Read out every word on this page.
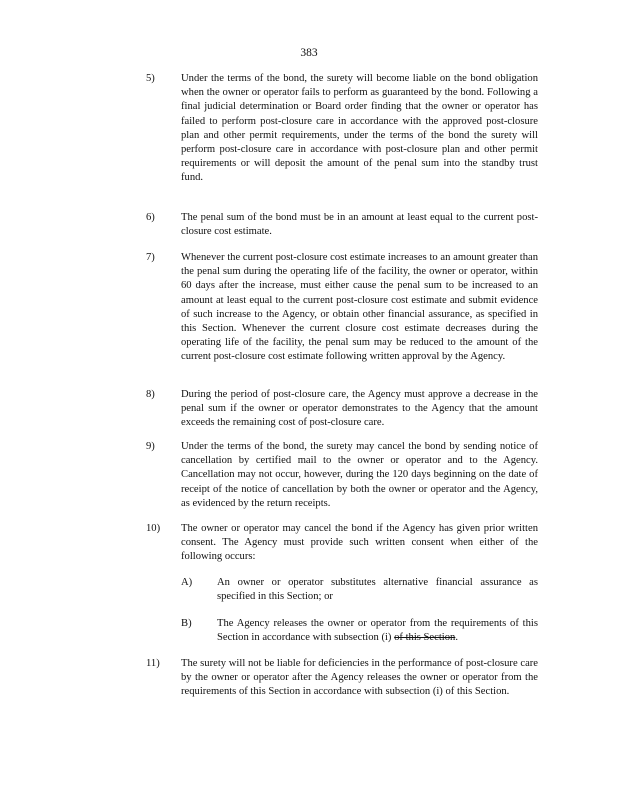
383
5)	Under the terms of the bond, the surety will become liable on the bond obligation when the owner or operator fails to perform as guaranteed by the bond. Following a final judicial determination or Board order finding that the owner or operator has failed to perform post-closure care in accordance with the approved post-closure plan and other permit requirements, under the terms of the bond the surety will perform post-closure care in accordance with post-closure plan and other permit requirements or will deposit the amount of the penal sum into the standby trust fund.
6)	The penal sum of the bond must be in an amount at least equal to the current post-closure cost estimate.
7)	Whenever the current post-closure cost estimate increases to an amount greater than the penal sum during the operating life of the facility, the owner or operator, within 60 days after the increase, must either cause the penal sum to be increased to an amount at least equal to the current post-closure cost estimate and submit evidence of such increase to the Agency, or obtain other financial assurance, as specified in this Section. Whenever the current closure cost estimate decreases during the operating life of the facility, the penal sum may be reduced to the amount of the current post-closure cost estimate following written approval by the Agency.
8)	During the period of post-closure care, the Agency must approve a decrease in the penal sum if the owner or operator demonstrates to the Agency that the amount exceeds the remaining cost of post-closure care.
9)	Under the terms of the bond, the surety may cancel the bond by sending notice of cancellation by certified mail to the owner or operator and to the Agency. Cancellation may not occur, however, during the 120 days beginning on the date of receipt of the notice of cancellation by both the owner or operator and the Agency, as evidenced by the return receipts.
10)	The owner or operator may cancel the bond if the Agency has given prior written consent. The Agency must provide such written consent when either of the following occurs:
A)	An owner or operator substitutes alternative financial assurance as specified in this Section; or
B)	The Agency releases the owner or operator from the requirements of this Section in accordance with subsection (i) of this Section.
11)	The surety will not be liable for deficiencies in the performance of post-closure care by the owner or operator after the Agency releases the owner or operator from the requirements of this Section in accordance with subsection (i) of this Section.
